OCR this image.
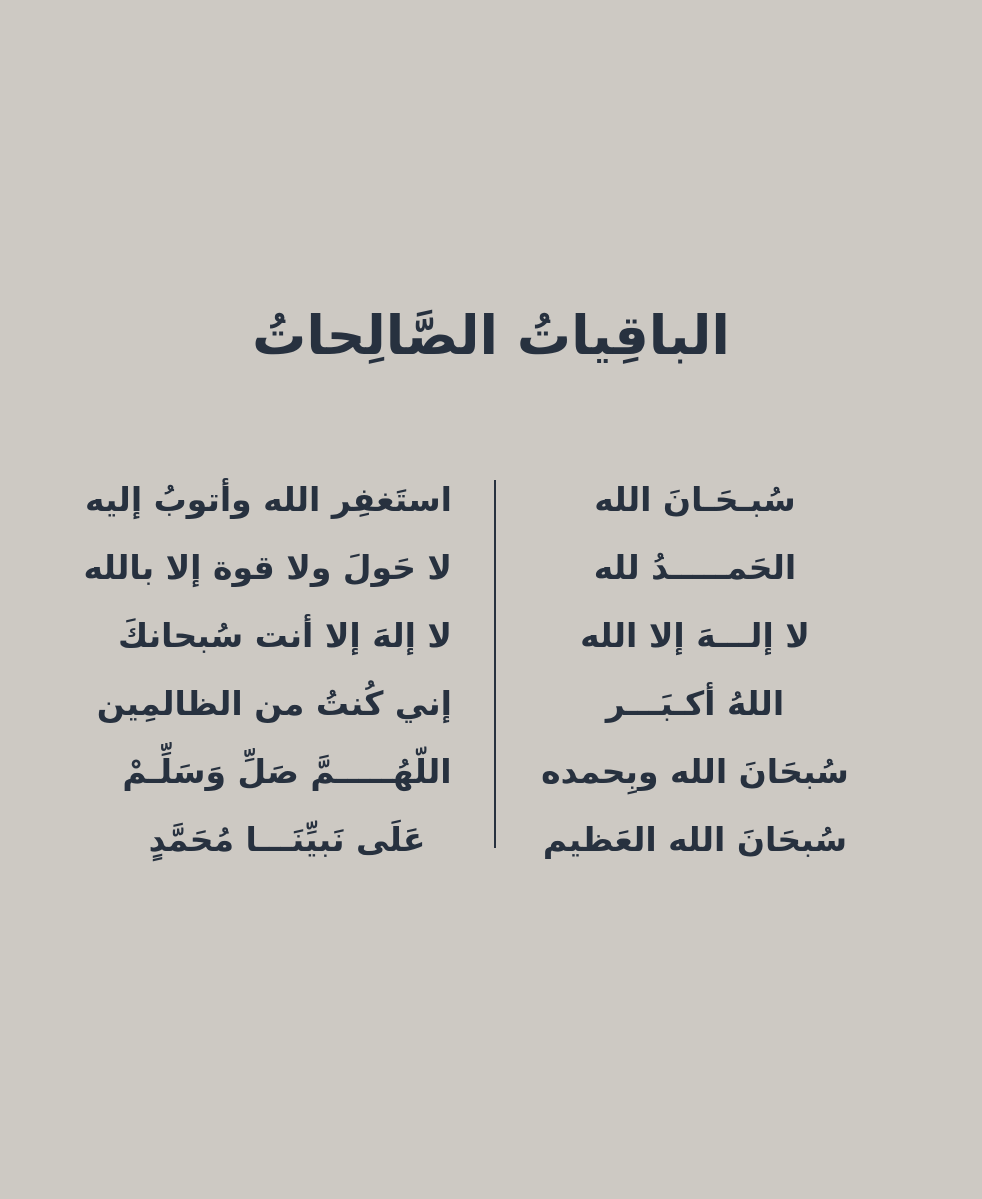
الباقِياتُ الصَّالِحاتُ
سُبـحَـانَ الله
الحَمـــــدُ لله
لا إلـــهَ إلا الله
اللهُ أكـبَـــر
سُبحَانَ الله وبِحمده
سُبحَانَ الله العَظيم
استَغفِر الله وأتوبُ إليه
لا حَولَ ولا قوة إلا بالله
لا إلهَ إلا أنت سُبحانكَ
إني كُنتُ من الظالمِين
اللّهُـــــمَّ صَلِّ وَسَلِّـمْ
عَلَى نَبيِّنَـــا مُحَمَّدٍ
